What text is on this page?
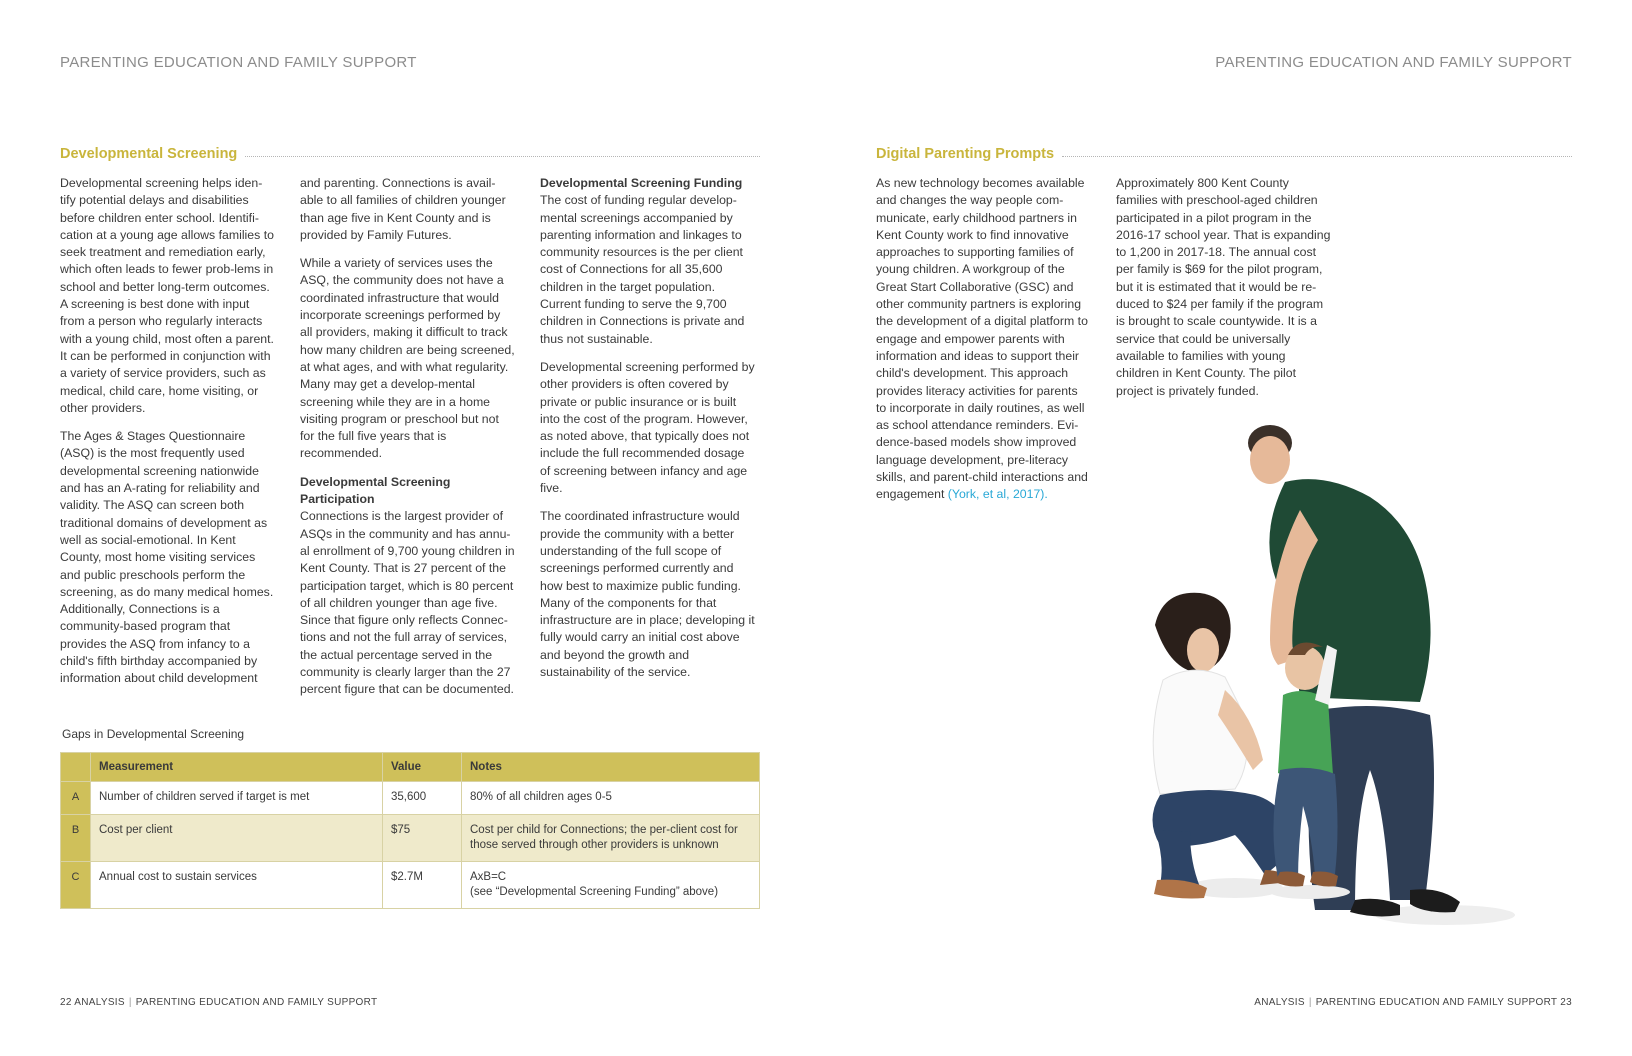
PARENTING EDUCATION AND FAMILY SUPPORT	PARENTING EDUCATION AND FAMILY SUPPORT
Developmental Screening

Developmental screening helps iden-tify potential delays and disabilities before children enter school. Identifi-cation at a young age allows families to seek treatment and remediation early, which often leads to fewer prob-lems in school and better long-term outcomes. A screening is best done with input from a person who regularly interacts with a young child, most often a parent. It can be performed in conjunction with a variety of service providers, such as medical, child care, home visiting, or other providers.

The Ages & Stages Questionnaire (ASQ) is the most frequently used developmental screening nationwide and has an A-rating for reliability and validity. The ASQ can screen both traditional domains of development as well as social-emotional. In Kent County, most home visiting services and public preschools perform the screening, as do many medical homes. Additionally, Connections is a community-based program that provides the ASQ from infancy to a child's fifth birthday accompanied by information about child development

and parenting. Connections is avail-able to all families of children younger than age five in Kent County and is provided by Family Futures.

While a variety of services uses the ASQ, the community does not have a coordinated infrastructure that would incorporate screenings performed by all providers, making it difficult to track how many children are being screened, at what ages, and with what regularity. Many may get a develop-mental screening while they are in a home visiting program or preschool but not for the full five years that is recommended.

Developmental Screening Participation

Connections is the largest provider of ASQs in the community and has annu-al enrollment of 9,700 young children in Kent County. That is 27 percent of the participation target, which is 80 percent of all children younger than age five. Since that figure only reflects Connec-tions and not the full array of services, the actual percentage served in the community is clearly larger than the 27 percent figure that can be documented.

Developmental Screening Funding

The cost of funding regular develop-mental screenings accompanied by parenting information and linkages to community resources is the per client cost of Connections for all 35,600 children in the target population. Current funding to serve the 9,700 children in Connections is private and thus not sustainable.

Developmental screening performed by other providers is often covered by private or public insurance or is built into the cost of the program. However, as noted above, that typically does not include the full recommended dosage of screening between infancy and age five.

The coordinated infrastructure would provide the community with a better understanding of the full scope of screenings performed currently and how best to maximize public funding. Many of the components for that infrastructure are in place; developing it fully would carry an initial cost above and beyond the growth and sustainability of the service.

Gaps in Developmental Screening
	Measurement	Value	Notes
A	Number of children served if target is met	35,600	80% of all children ages 0-5
B	Cost per client	$75	Cost per child for Connections; the per-client cost for those served through other providers is unknown
C	Annual cost to sustain services	$2.7M	AxB=C
(see “Developmental Screening Funding” above)
Digital Parenting Prompts

As new technology becomes available and changes the way people com-municate, early childhood partners in Kent County work to find innovative approaches to supporting families of young children. A workgroup of the Great Start Collaborative (GSC) and other community partners is exploring the development of a digital platform to engage and empower parents with information and ideas to support their child's development. This approach provides literacy activities for parents to incorporate in daily routines, as well as school attendance reminders. Evi-dence-based models show improved language development, pre-literacy skills, and parent-child interactions and engagement (York, et al, 2017).

Approximately 800 Kent County families with preschool-aged children participated in a pilot program in the 2016-17 school year. That is expanding to 1,200 in 2017-18. The annual cost per family is $69 for the pilot program, but it is estimated that it would be re-duced to $24 per family if the program is brought to scale countywide. It is a service that could be universally available to families with young children in Kent County. The pilot project is privately funded.

22 ANALYSIS | PARENTING EDUCATION AND FAMILY SUPPORT	ANALYSIS | PARENTING EDUCATION AND FAMILY SUPPORT 23
